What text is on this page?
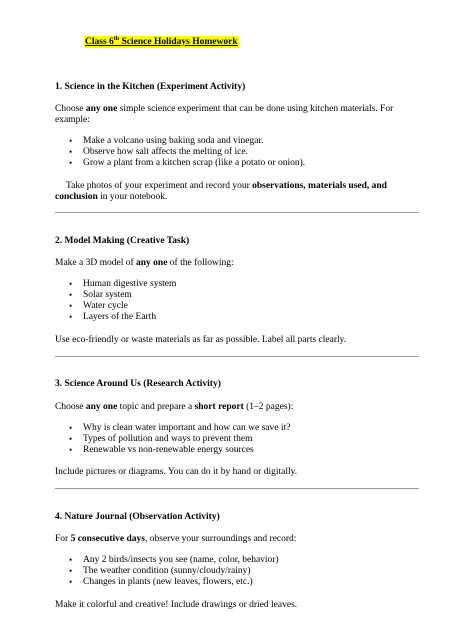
Class 6th Science Holidays Homework
1. Science in the Kitchen (Experiment Activity)
Choose any one simple science experiment that can be done using kitchen materials. For
example:
• Make a volcano using baking soda and vinegar.
• Observe how salt affects the melting of ice.
• Grow a plant from a kitchen scrap (like a potato or onion).
Take photos of your experiment and record your observations, materials used, and
conclusion in your notebook.
2. Model Making (Creative Task)
Make a 3D model of any one of the following:
• Human digestive system
• Solar system
• Water cycle
• Layers of the Earth
Use eco-friendly or waste materials as far as possible. Label all parts clearly.
3. Science Around Us (Research Activity)
Choose any one topic and prepare a short report (1–2 pages):
• Why is clean water important and how can we save it?
• Types of pollution and ways to prevent them
• Renewable vs non-renewable energy sources
Include pictures or diagrams. You can do it by hand or digitally.
4. Nature Journal (Observation Activity)
For 5 consecutive days, observe your surroundings and record:
• Any 2 birds/insects you see (name, color, behavior)
• The weather condition (sunny/cloudy/rainy)
• Changes in plants (new leaves, flowers, etc.)
Make it colorful and creative! Include drawings or dried leaves.
